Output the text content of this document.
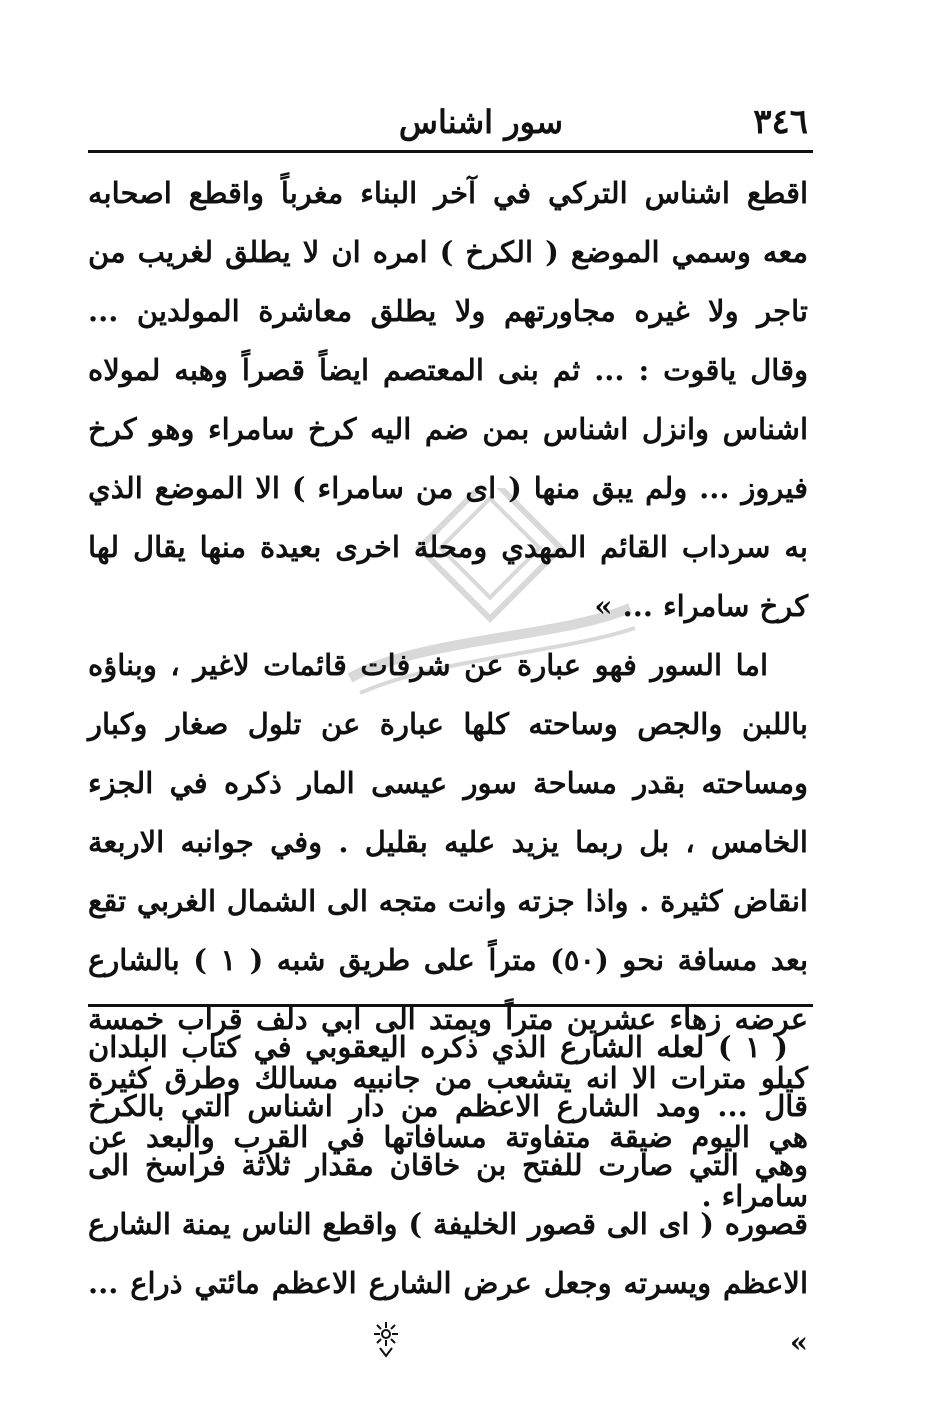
٣٤٦
سور اشناس

اقطع اشناس التركي في آخر البناء مغرباً واقطع اصحابه معه وسمي الموضع ( الكرخ ) امره ان لا يطلق لغريب من تاجر ولا غيره مجاورتهم ولا يطلق معاشرة المولدين ... وقال ياقوت : ... ثم بنى المعتصم ايضاً قصراً وهبه لمولاه اشناس وانزل اشناس بمن ضم اليه كرخ سامراء وهو كرخ فيروز ... ولم يبق منها ( اى من سامراء ) الا الموضع الذي به سرداب القائم المهدي ومحلة اخرى بعيدة منها يقال لها كرخ سامراء ... »

اما السور فهو عبارة عن شرفات قائمات لاغير ، وبناؤه باللبن والجص وساحته كلها عبارة عن تلول صغار وكبار ومساحته بقدر مساحة سور عيسى المار ذكره في الجزء الخامس ، بل ربما يزيد عليه بقليل . وفي جوانبه الاربعة انقاض كثيرة . واذا جزته وانت متجه الى الشمال الغربي تقع بعد مسافة نحو (٥٠) متراً على طريق شبه ( ١ ) بالشارع عرضه زهاء عشرين متراً ويمتد الى ابي دلف قراب خمسة كيلو مترات الا انه يتشعب من جانبيه مسالك وطرق كثيرة هي اليوم ضيقة متفاوتة مسافاتها في القرب والبعد عن سامراء .

( ١ ) لعله الشارع الذي ذكره اليعقوبي في كتاب البلدان قال ... ومد الشارع الاعظم من دار اشناس التي بالكرخ وهي التي صارت للفتح بن خاقان مقدار ثلاثة فراسخ الى قصوره ( اى الى قصور الخليفة ) واقطع الناس يمنة الشارع الاعظم ويسرته وجعل عرض الشارع الاعظم مائتي ذراع ... »
